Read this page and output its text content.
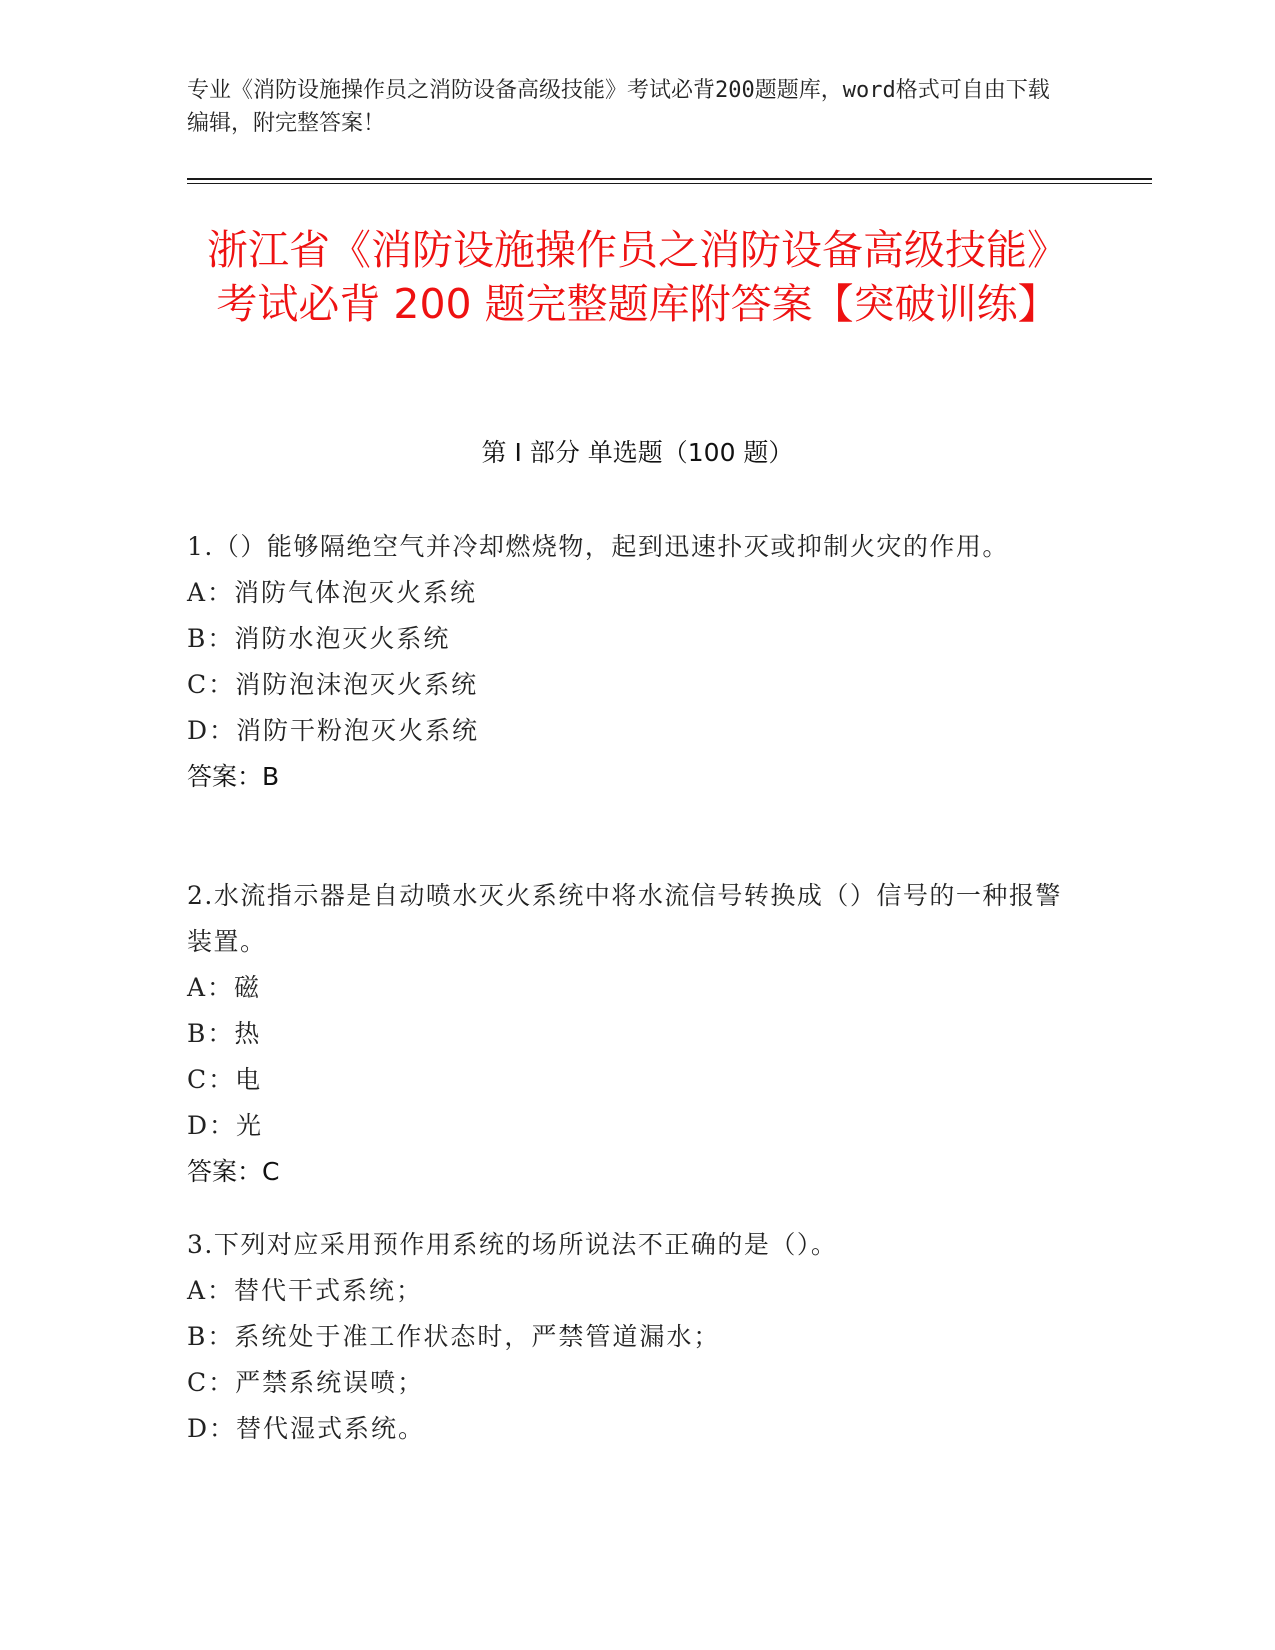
专业《消防设施操作员之消防设备高级技能》考试必背200题题库，word格式可自由下载编辑，附完整答案！
浙江省《消防设施操作员之消防设备高级技能》考试必背 200 题完整题库附答案【突破训练】
第 I 部分 单选题（100 题）
1.（）能够隔绝空气并冷却燃烧物，起到迅速扑灭或抑制火灾的作用。
A：消防气体泡灭火系统
B：消防水泡灭火系统
C：消防泡沫泡灭火系统
D：消防干粉泡灭火系统
答案：B
2.水流指示器是自动喷水灭火系统中将水流信号转换成（）信号的一种报警装置。
A：磁
B：热
C：电
D：光
答案：C
3.下列对应采用预作用系统的场所说法不正确的是（）。
A：替代干式系统；
B：系统处于准工作状态时，严禁管道漏水；
C：严禁系统误喷；
D：替代湿式系统。
